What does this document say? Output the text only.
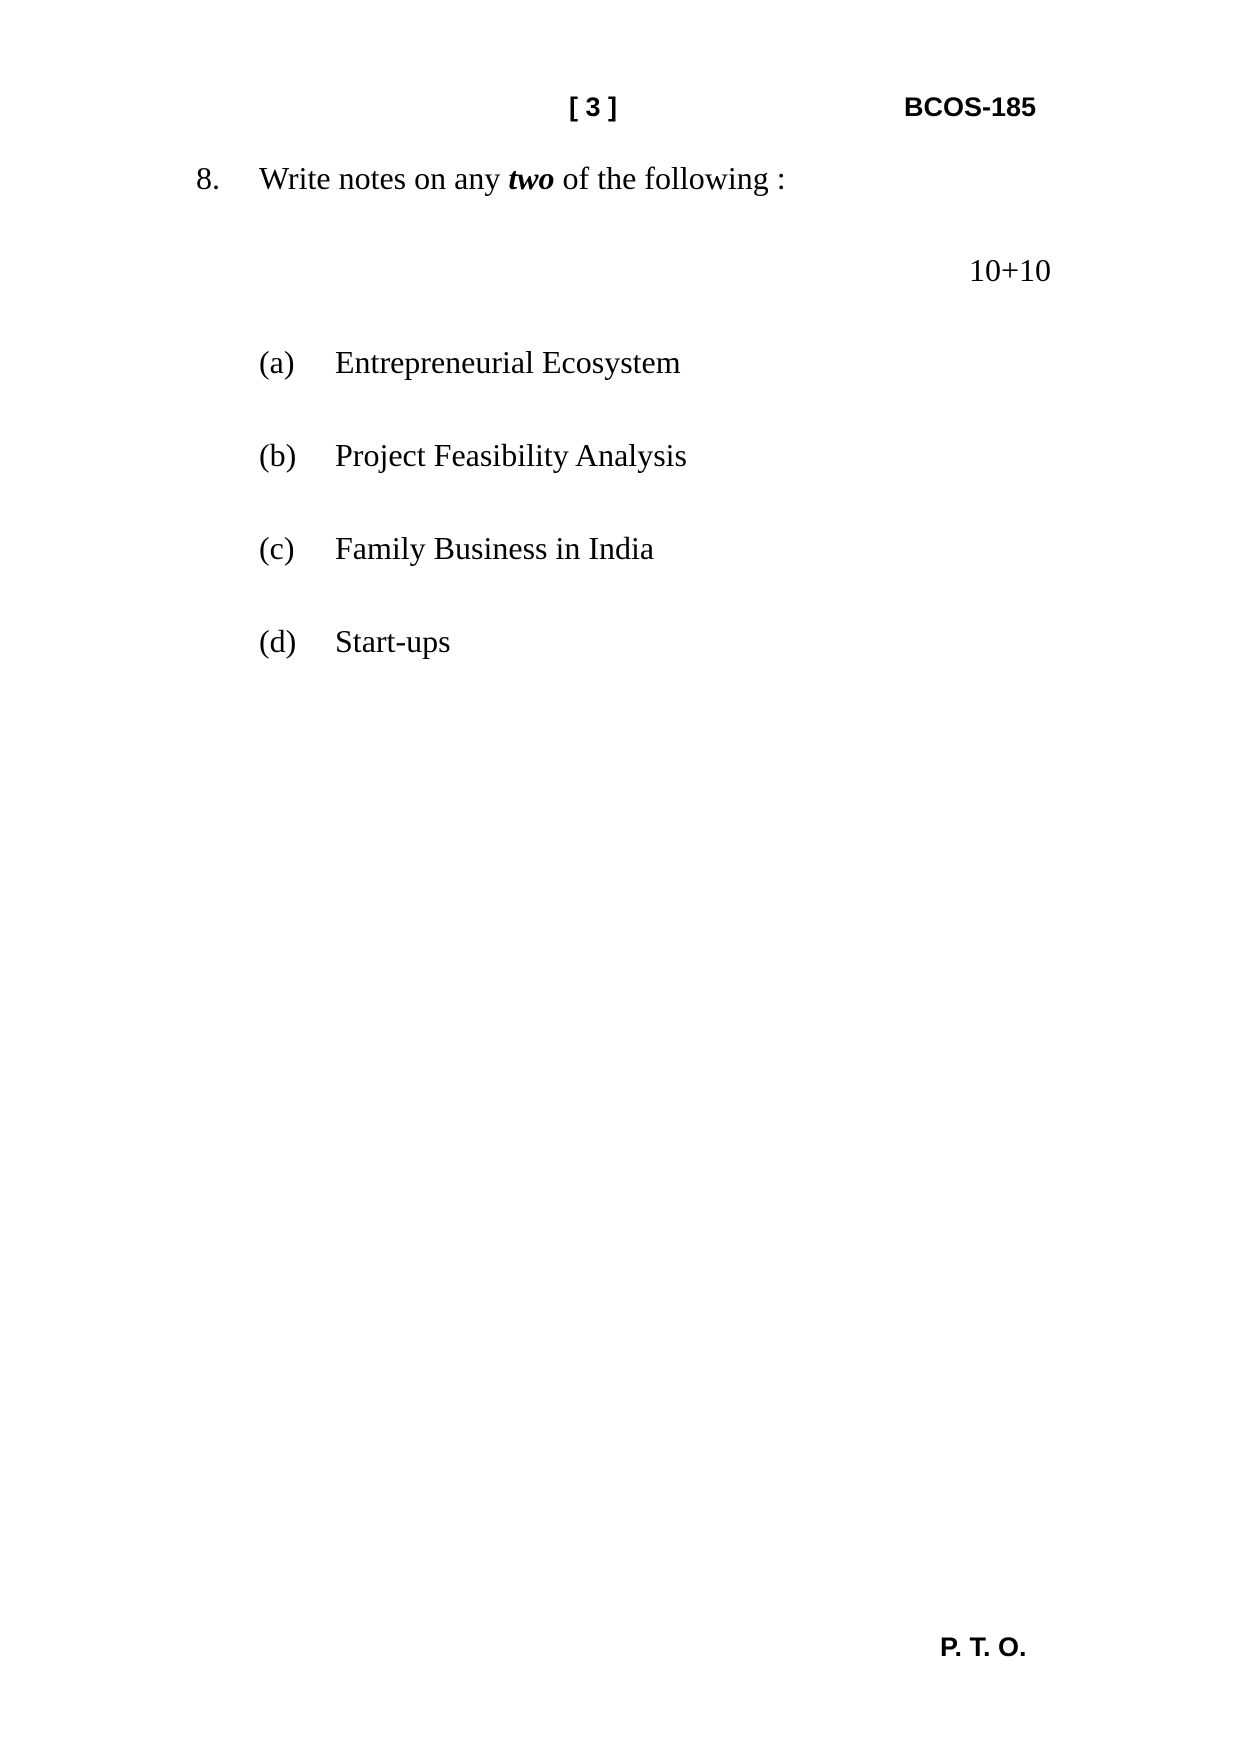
[ 3 ]	BCOS-185
8. Write notes on any two of the following :
10+10
(a) Entrepreneurial Ecosystem
(b) Project Feasibility Analysis
(c) Family Business in India
(d) Start-ups
P. T. O.
